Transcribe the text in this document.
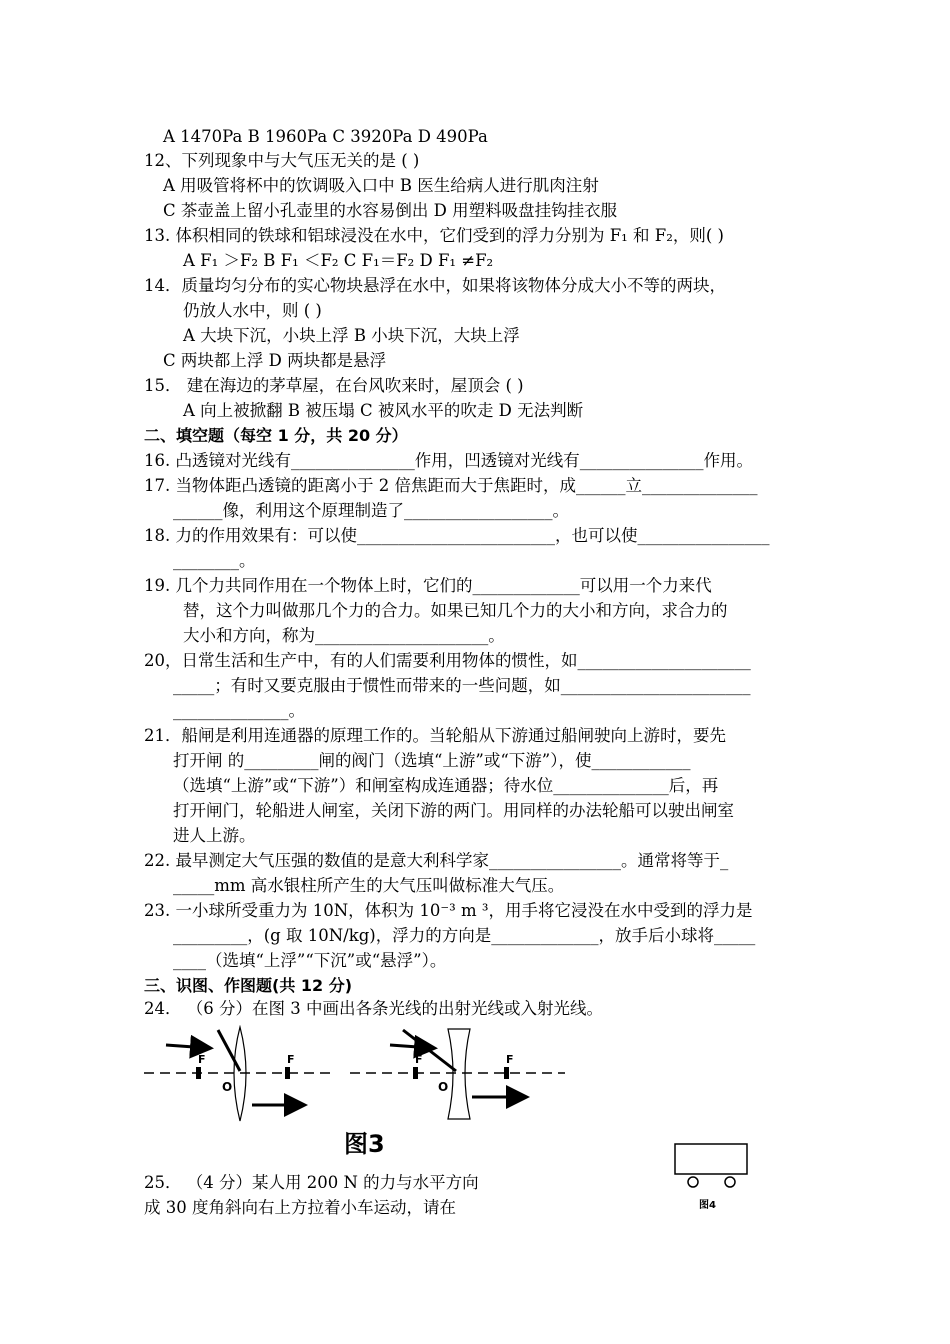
A 1470Pa B 1960Pa C 3920Pa D 490Pa
12、下列现象中与大气压无关的是 ( )
A 用吸管将杯中的饮调吸入口中 B 医生给病人进行肌肉注射
C 茶壶盖上留小孔壶里的水容易倒出 D 用塑料吸盘挂钩挂衣服
13. 体积相同的铁球和铝球浸没在水中，它们受到的浮力分别为 F₁ 和 F₂，则( )
A F₁ ＞F₂ B F₁ ＜F₂ C F₁＝F₂ D F₁ ≠F₂
14．质量均匀分布的实心物块悬浮在水中，如果将该物体分成大小不等的两块，
仍放人水中，则 ( )
A 大块下沉，小块上浮 B 小块下沉，大块上浮
C 两块都上浮 D 两块都是悬浮
15． 建在海边的茅草屋，在台风吹来时，屋顶会 ( )
A 向上被掀翻 B 被压塌 C 被风水平的吹走 D 无法判断
二、填空题（每空 1 分，共 20 分）
16. 凸透镜对光线有_______________作用，凹透镜对光线有_______________作用。
17. 当物体距凸透镜的距离小于 2 倍焦距而大于焦距时，成______立______________
______像，利用这个原理制造了__________________。
18. 力的作用效果有：可以使________________________，也可以使________________
________。
19. 几个力共同作用在一个物体上时，它们的_____________可以用一个力来代
替，这个力叫做那几个力的合力。如果已知几个力的大小和方向，求合力的
大小和方向，称为_____________________。
20，日常生活和生产中，有的人们需要利用物体的惯性，如_____________________
_____；有时又要克服由于惯性而带来的一些问题，如_______________________
______________。
21．船闸是利用连通器的原理工作的。当轮船从下游通过船闸驶向上游时，要先
打开闸 的_________闸的阀门（选填“上游”或“下游”），使____________
（选填“上游”或“下游”）和闸室构成连通器；待水位______________后，再
打开闸门，轮船进人闸室，关闭下游的两门。用同样的办法轮船可以驶出闸室
进人上游。
22. 最早测定大气压强的数值的是意大利科学家________________。通常将等于_
_____mm 高水银柱所产生的大气压叫做标准大气压。
23. 一小球所受重力为 10N，体积为 10⁻³ m ³，用手将它浸没在水中受到的浮力是
_________，(g 取 10N/kg)，浮力的方向是_____________，放手后小球将_____
____（选填“上浮”“下沉”或“悬浮”）。
三、识图、作图题(共 12 分)
24． （6 分）在图 3 中画出各条光线的出射光线或入射光线。
25． （4 分）某人用 200 N 的力与水平方向
成 30 度角斜向右上方拉着小车运动，请在
F	F
O
F	F
O
图3
图4
